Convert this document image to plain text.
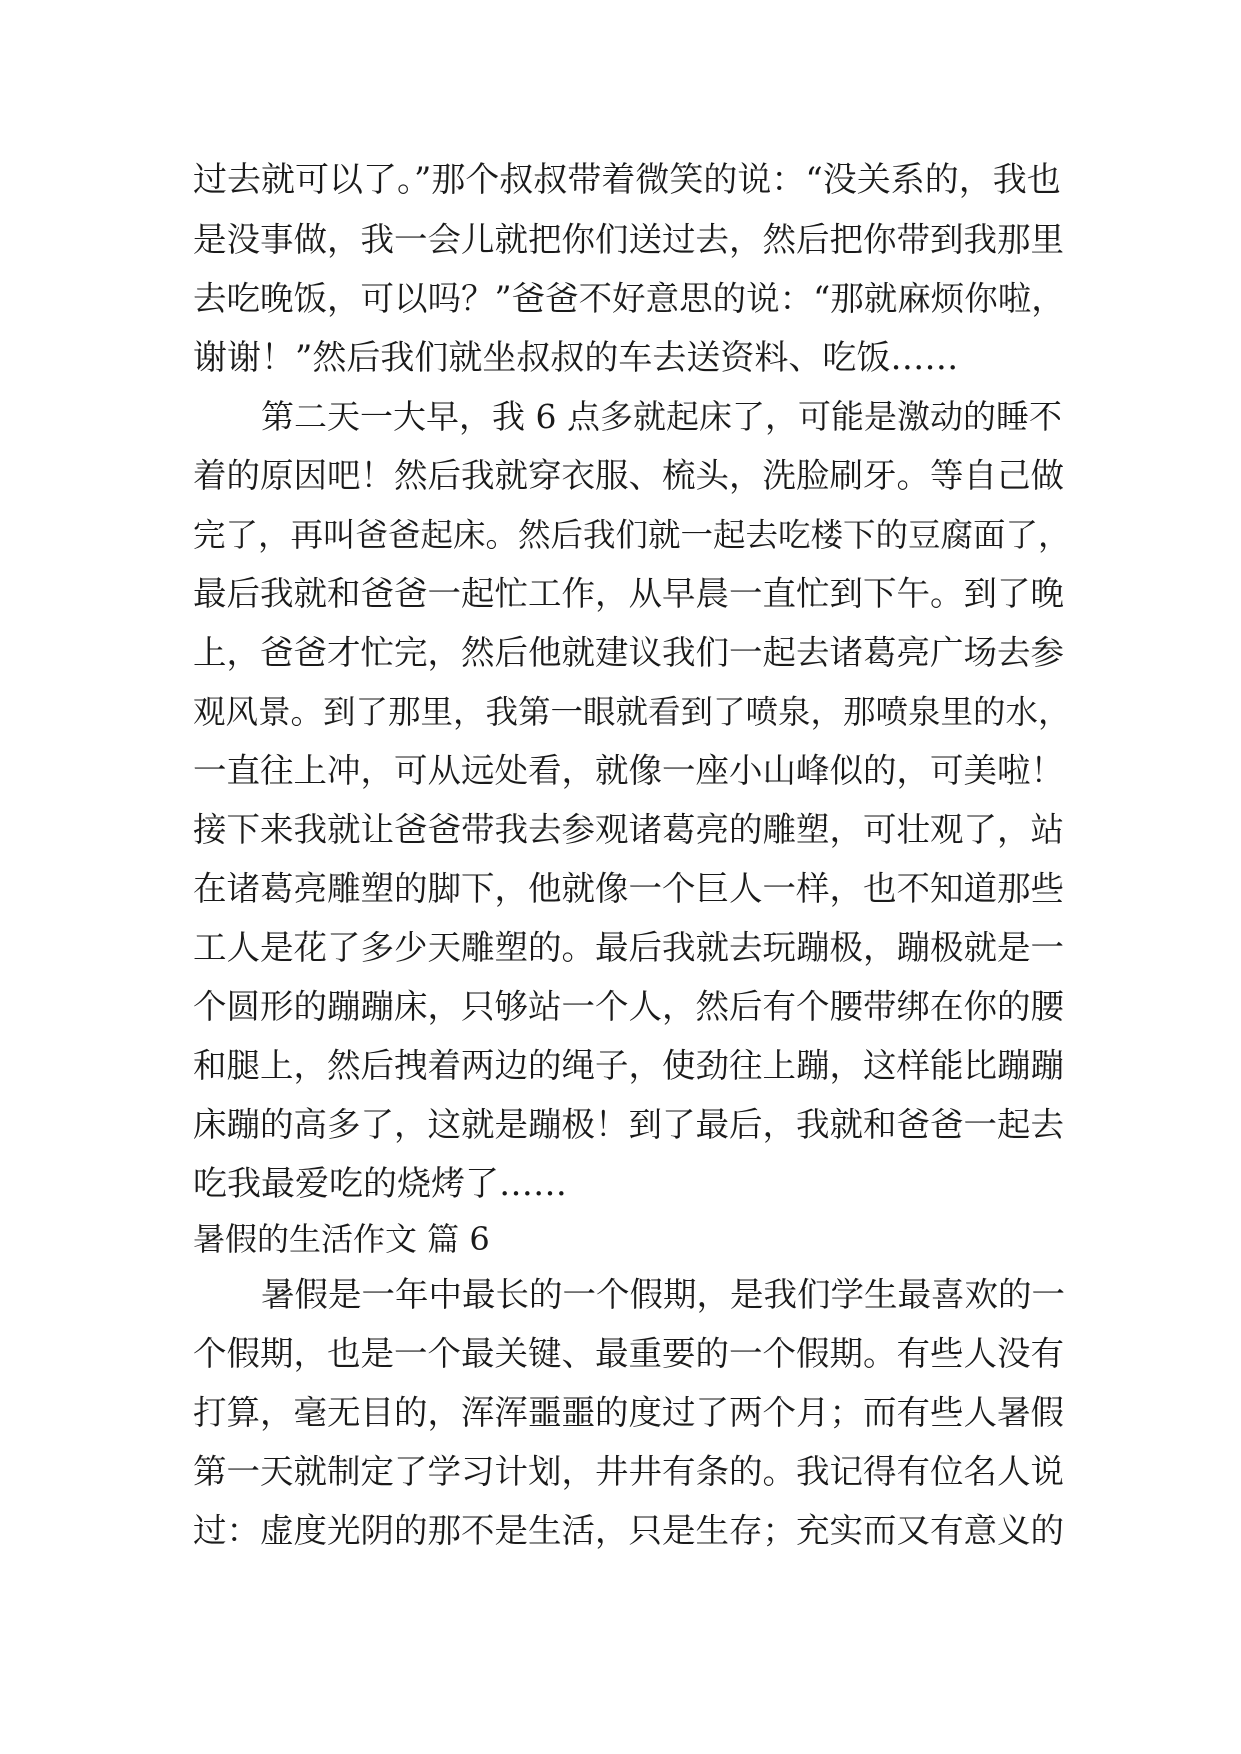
过去就可以了。”那个叔叔带着微笑的说：“没关系的，我也
是没事做，我一会儿就把你们送过去，然后把你带到我那里
去吃晚饭，可以吗？”爸爸不好意思的说：“那就麻烦你啦，
谢谢！”然后我们就坐叔叔的车去送资料、吃饭……
第二天一大早，我 6 点多就起床了，可能是激动的睡不
着的原因吧！然后我就穿衣服、梳头，洗脸刷牙。等自己做
完了，再叫爸爸起床。然后我们就一起去吃楼下的豆腐面了，
最后我就和爸爸一起忙工作，从早晨一直忙到下午。到了晚
上，爸爸才忙完，然后他就建议我们一起去诸葛亮广场去参
观风景。到了那里，我第一眼就看到了喷泉，那喷泉里的水，
一直往上冲，可从远处看，就像一座小山峰似的，可美啦！
接下来我就让爸爸带我去参观诸葛亮的雕塑，可壮观了，站
在诸葛亮雕塑的脚下，他就像一个巨人一样，也不知道那些
工人是花了多少天雕塑的。最后我就去玩蹦极，蹦极就是一
个圆形的蹦蹦床，只够站一个人，然后有个腰带绑在你的腰
和腿上，然后拽着两边的绳子，使劲往上蹦，这样能比蹦蹦
床蹦的高多了，这就是蹦极！到了最后，我就和爸爸一起去
吃我最爱吃的烧烤了……
暑假的生活作文 篇 6
暑假是一年中最长的一个假期，是我们学生最喜欢的一
个假期，也是一个最关键、最重要的一个假期。有些人没有
打算，毫无目的，浑浑噩噩的度过了两个月；而有些人暑假
第一天就制定了学习计划，井井有条的。我记得有位名人说
过：虚度光阴的那不是生活，只是生存；充实而又有意义的
